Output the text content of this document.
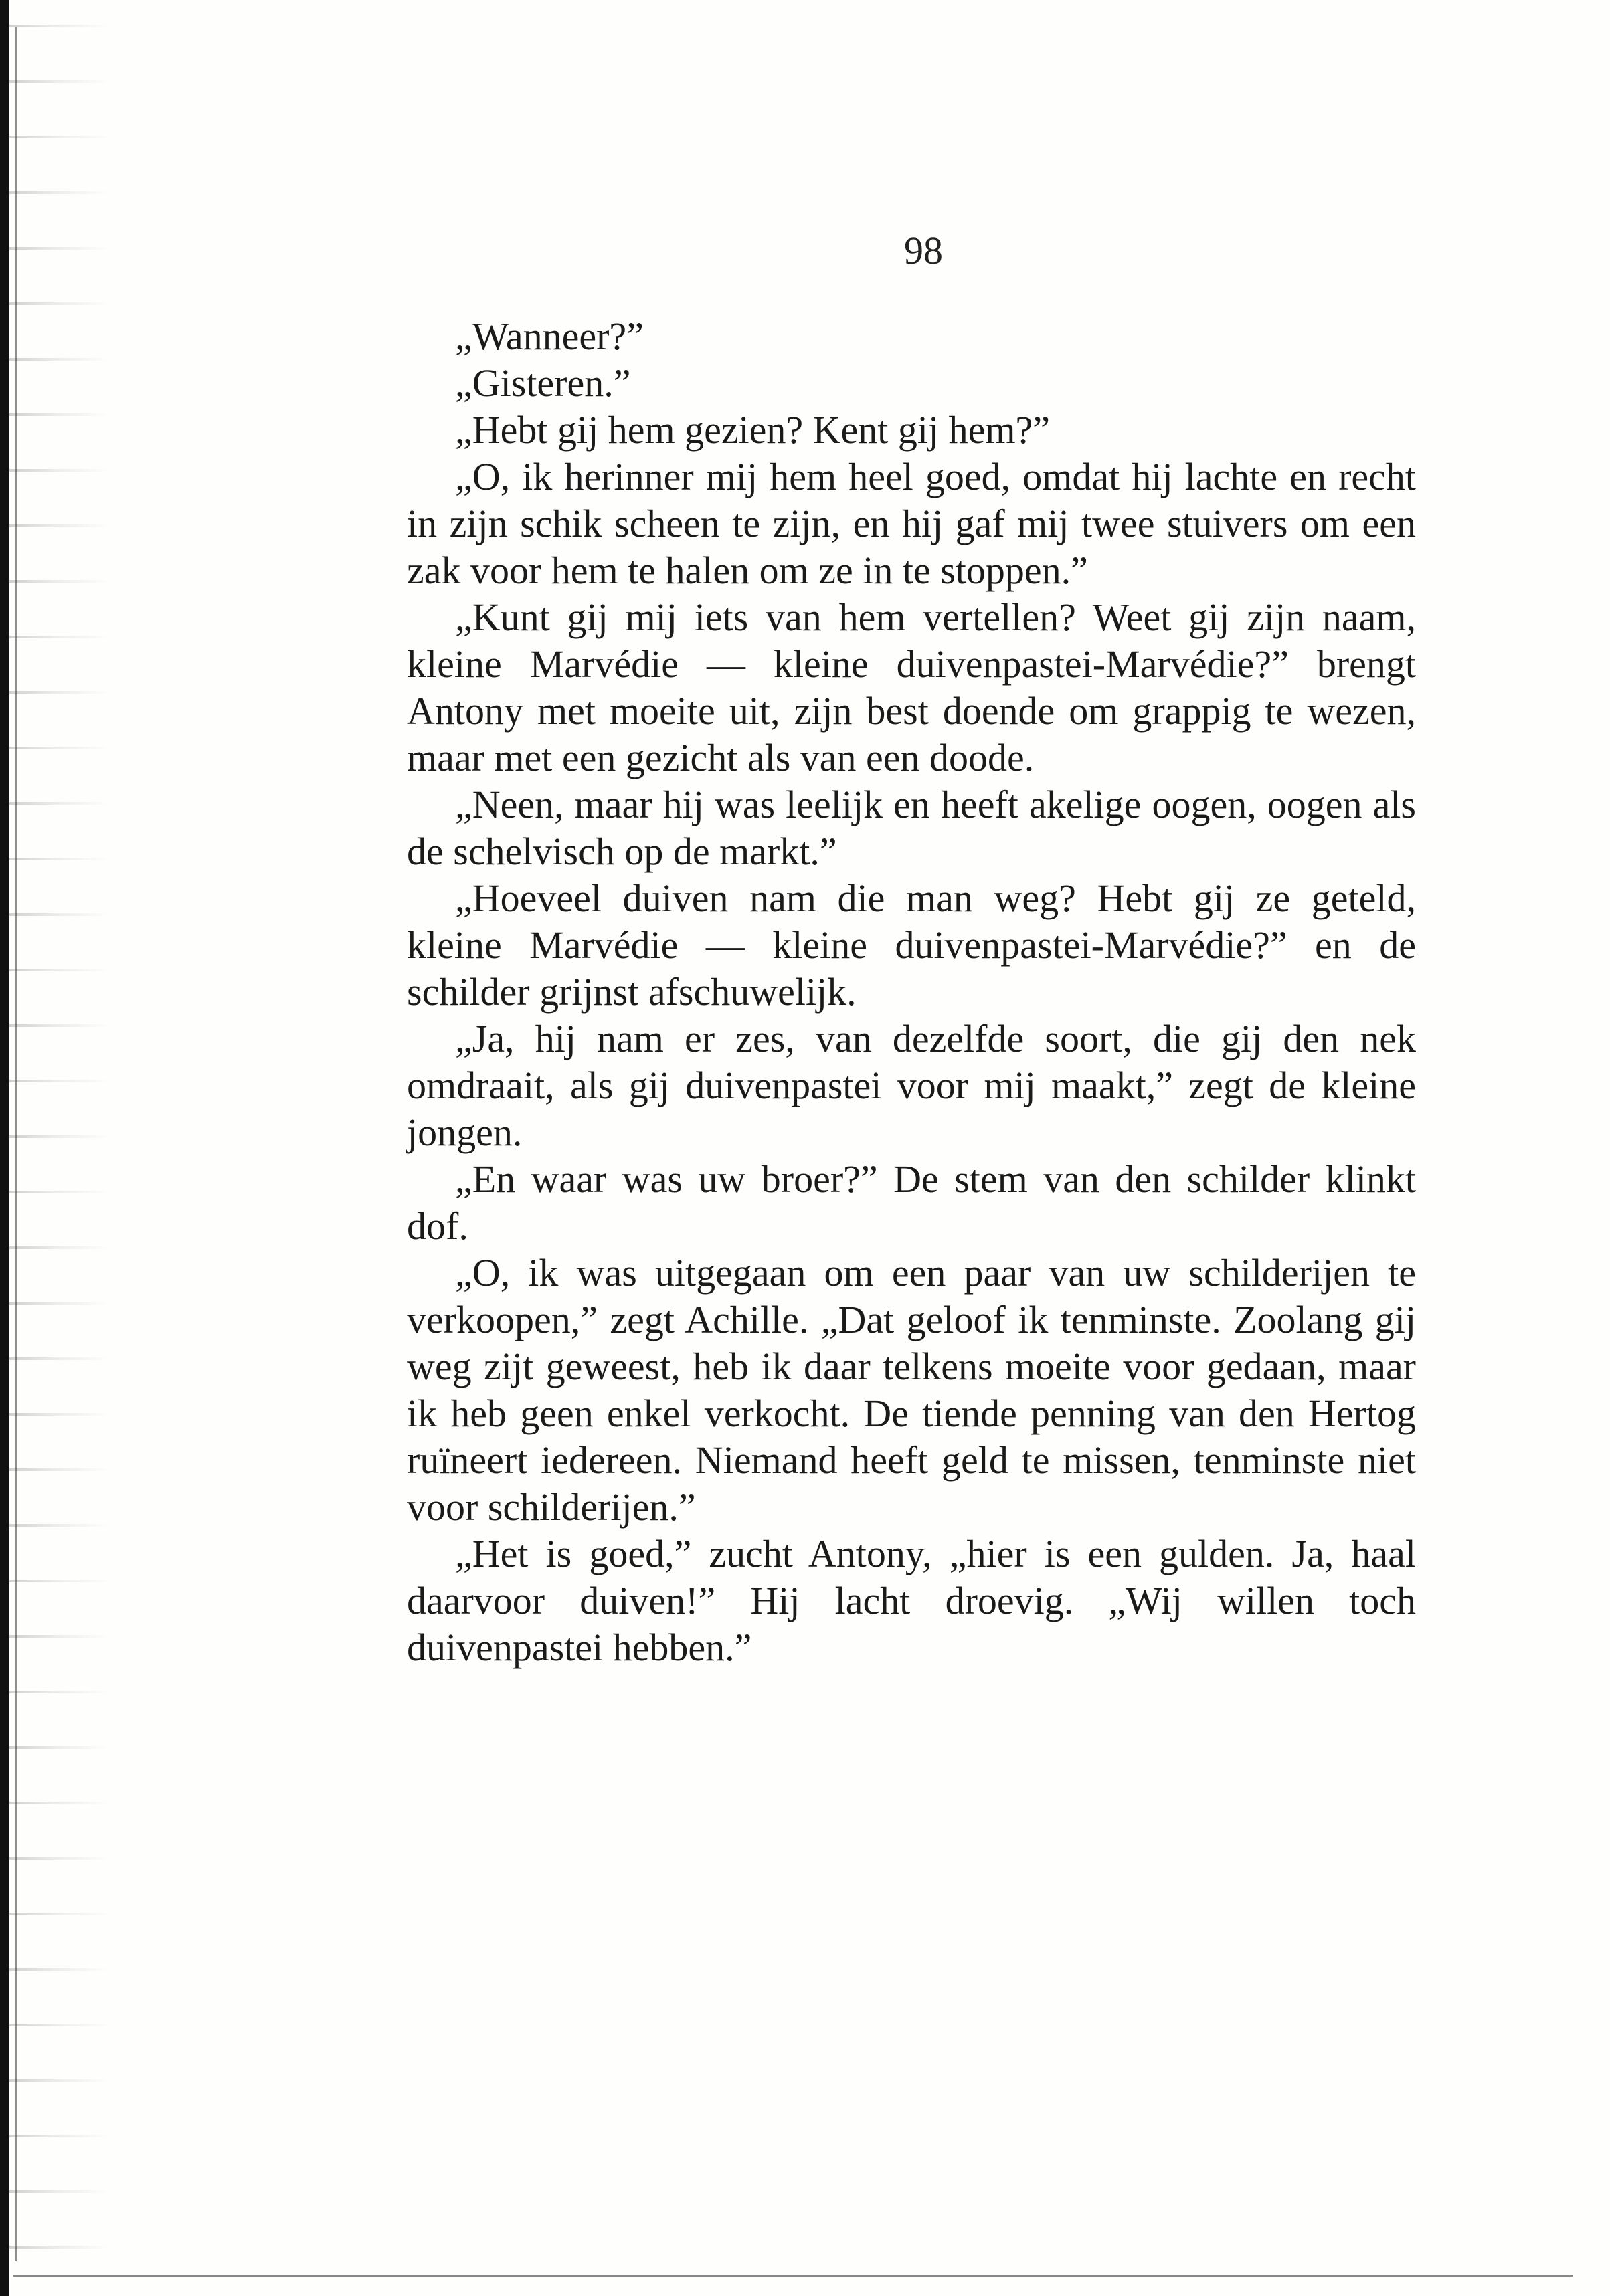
98

„Wanneer?”

„Gisteren.”

„Hebt gij hem gezien? Kent gij hem?”

„O, ik herinner mij hem heel goed, omdat hij lachte en recht in zijn schik scheen te zijn, en hij gaf mij twee stuivers om een zak voor hem te halen om ze in te stoppen.”

„Kunt gij mij iets van hem vertellen? Weet gij zijn naam, kleine Marvédie — kleine duivenpastei-Marvédie?” brengt Antony met moeite uit, zijn best doende om grappig te wezen, maar met een gezicht als van een doode.

„Neen, maar hij was leelijk en heeft akelige oogen, oogen als de schelvisch op de markt.”

„Hoeveel duiven nam die man weg? Hebt gij ze geteld, kleine Marvédie — kleine duivenpastei-Marvédie?” en de schilder grijnst afschuwelijk.

„Ja, hij nam er zes, van dezelfde soort, die gij den nek omdraait, als gij duivenpastei voor mij maakt,” zegt de kleine jongen.

„En waar was uw broer?” De stem van den schilder klinkt dof.

„O, ik was uitgegaan om een paar van uw schilderijen te verkoopen,” zegt Achille. „Dat geloof ik tenminste. Zoolang gij weg zijt geweest, heb ik daar telkens moeite voor gedaan, maar ik heb geen enkel verkocht. De tiende penning van den Hertog ruïneert iedereen. Niemand heeft geld te missen, tenminste niet voor schilderijen.”

„Het is goed,” zucht Antony, „hier is een gulden. Ja, haal daarvoor duiven!” Hij lacht droevig. „Wij willen toch duivenpastei hebben.”
